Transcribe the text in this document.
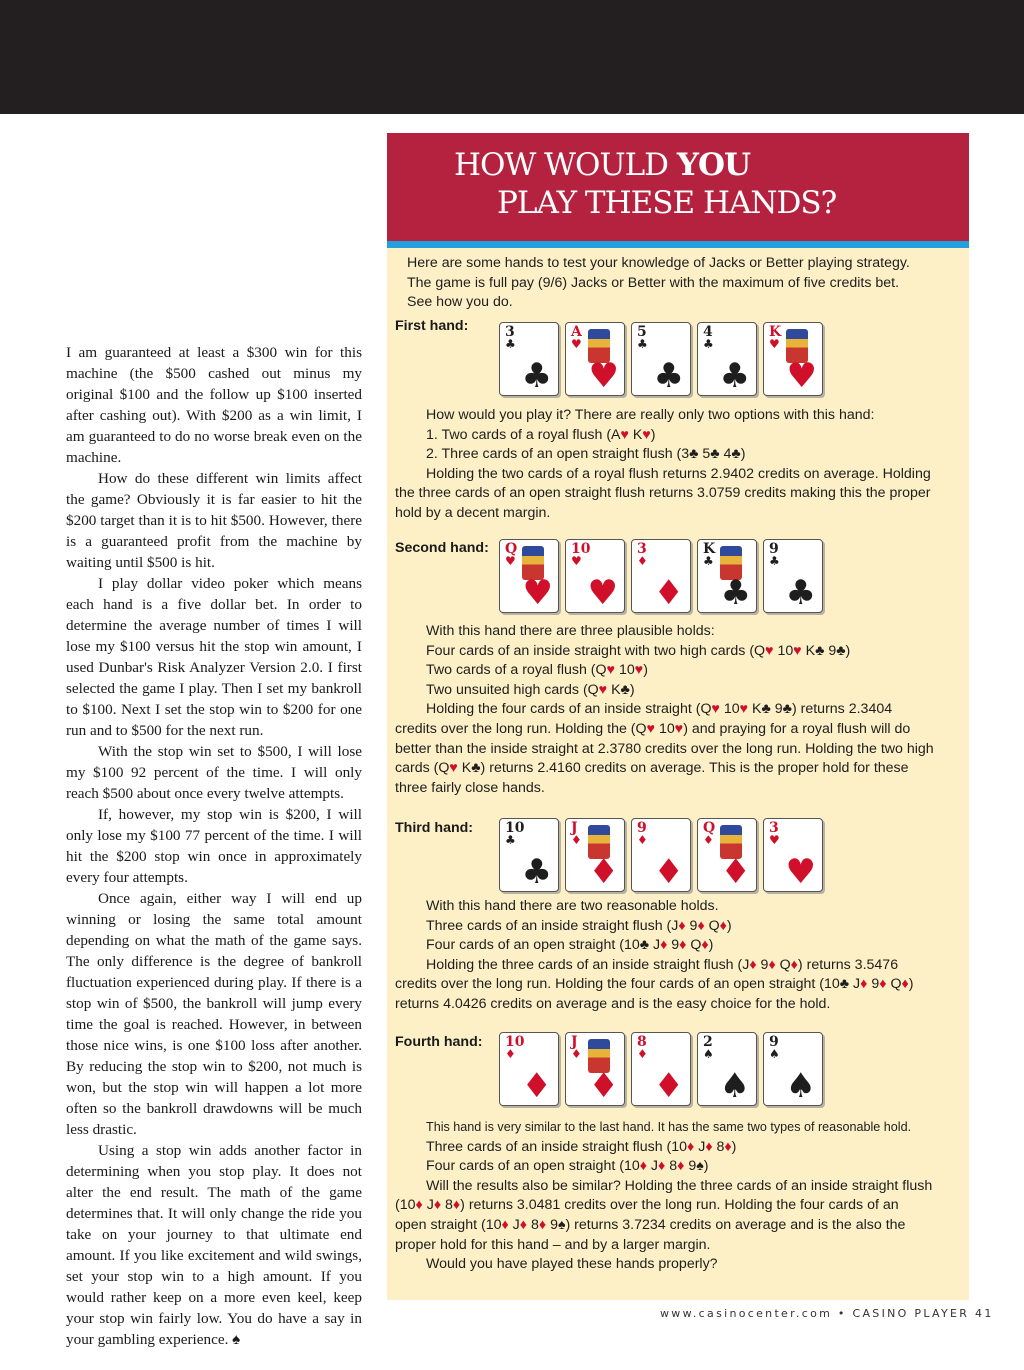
I am guaranteed at least a $300 win for this machine (the $500 cashed out minus my original $100 and the follow up $100 inserted after cashing out). With $200 as a win limit, I am guaranteed to do no worse break even on the machine.

How do these different win limits affect the game? Obviously it is far easier to hit the $200 target than it is to hit $500. However, there is a guaranteed profit from the machine by waiting until $500 is hit.

I play dollar video poker which means each hand is a five dollar bet. In order to determine the average number of times I will lose my $100 versus hit the stop win amount, I used Dunbar's Risk Analyzer Version 2.0. I first selected the game I play. Then I set my bankroll to $100. Next I set the stop win to $200 for one run and to $500 for the next run.

With the stop win set to $500, I will lose my $100 92 percent of the time. I will only reach $500 about once every twelve attempts.

If, however, my stop win is $200, I will only lose my $100 77 percent of the time. I will hit the $200 stop win once in approximately every four attempts.

Once again, either way I will end up winning or losing the same total amount depending on what the math of the game says. The only difference is the degree of bankroll fluctuation experienced during play. If there is a stop win of $500, the bankroll will jump every time the goal is reached. However, in between those nice wins, is one $100 loss after another. By reducing the stop win to $200, not much is won, but the stop win will happen a lot more often so the bankroll drawdowns will be much less drastic.

Using a stop win adds another factor in determining when you stop play. It does not alter the end result. The math of the game determines that. It will only change the ride you take on your journey to that ultimate end amount. If you like excitement and wild swings, set your stop win to a high amount. If you would rather keep on a more even keel, keep your stop win fairly low. You do have a say in your gambling experience. ♠

HOW WOULD YOU
PLAY THESE HANDS?
Here are some hands to test your knowledge of Jacks or Better playing strategy.
The game is full pay (9/6) Jacks or Better with the maximum of five credits bet.
See how you do.
First hand:	3
♣
♣
A
♥
♥
5
♣
♣
4
♣
♣
K
♥
♥
How would you play it? There are really only two options with this hand:
1. Two cards of a royal flush (A♥ K♥)
2. Three cards of an open straight flush (3♣ 5♣ 4♣)
Holding the two cards of a royal flush returns 2.9402 credits on average. Holding
the three cards of an open straight flush returns 3.0759 credits making this the proper
hold by a decent margin.
Second hand: Q
♥
♥
10
♥
♥
3
♦
♦
K
♣
♣
9
♣
♣
With this hand there are three plausible holds:
Four cards of an inside straight with two high cards (Q♥ 10♥ K♣ 9♣)
Two cards of a royal flush (Q♥ 10♥)
Two unsuited high cards (Q♥ K♣)
Holding the four cards of an inside straight (Q♥ 10♥ K♣ 9♣) returns 2.3404
credits over the long run. Holding the (Q♥ 10♥) and praying for a royal flush will do
better than the inside straight at 2.3780 credits over the long run. Holding the two high
cards (Q♥ K♣) returns 2.4160 credits on average. This is the proper hold for these
three fairly close hands.
Third hand: 10
♣
♣
J
♦
♦
9
♦
♦
Q
♦
♦
3
♥
♥
With this hand there are two reasonable holds.
Three cards of an inside straight flush (J♦ 9♦ Q♦)
Four cards of an open straight (10♣ J♦ 9♦ Q♦)
Holding the three cards of an inside straight flush (J♦ 9♦ Q♦) returns 3.5476
credits over the long run. Holding the four cards of an open straight (10♣ J♦ 9♦ Q♦)
returns 4.0426 credits on average and is the easy choice for the hold.
Fourth hand: 10
♦
♦
J
♦
♦
8
♦
♦
2
♠
♠
9
♠
♠
This hand is very similar to the last hand. It has the same two types of reasonable hold.
Three cards of an inside straight flush (10♦ J♦ 8♦)
Four cards of an open straight (10♦ J♦ 8♦ 9♠)
Will the results also be similar? Holding the three cards of an inside straight flush
(10♦ J♦ 8♦) returns 3.0481 credits over the long run. Holding the four cards of an
open straight (10♦ J♦ 8♦ 9♠) returns 3.7234 credits on average and is the also the
proper hold for this hand – and by a larger margin.
Would you have played these hands properly?
www.casinocenter.com • CASINO PLAYER 41
